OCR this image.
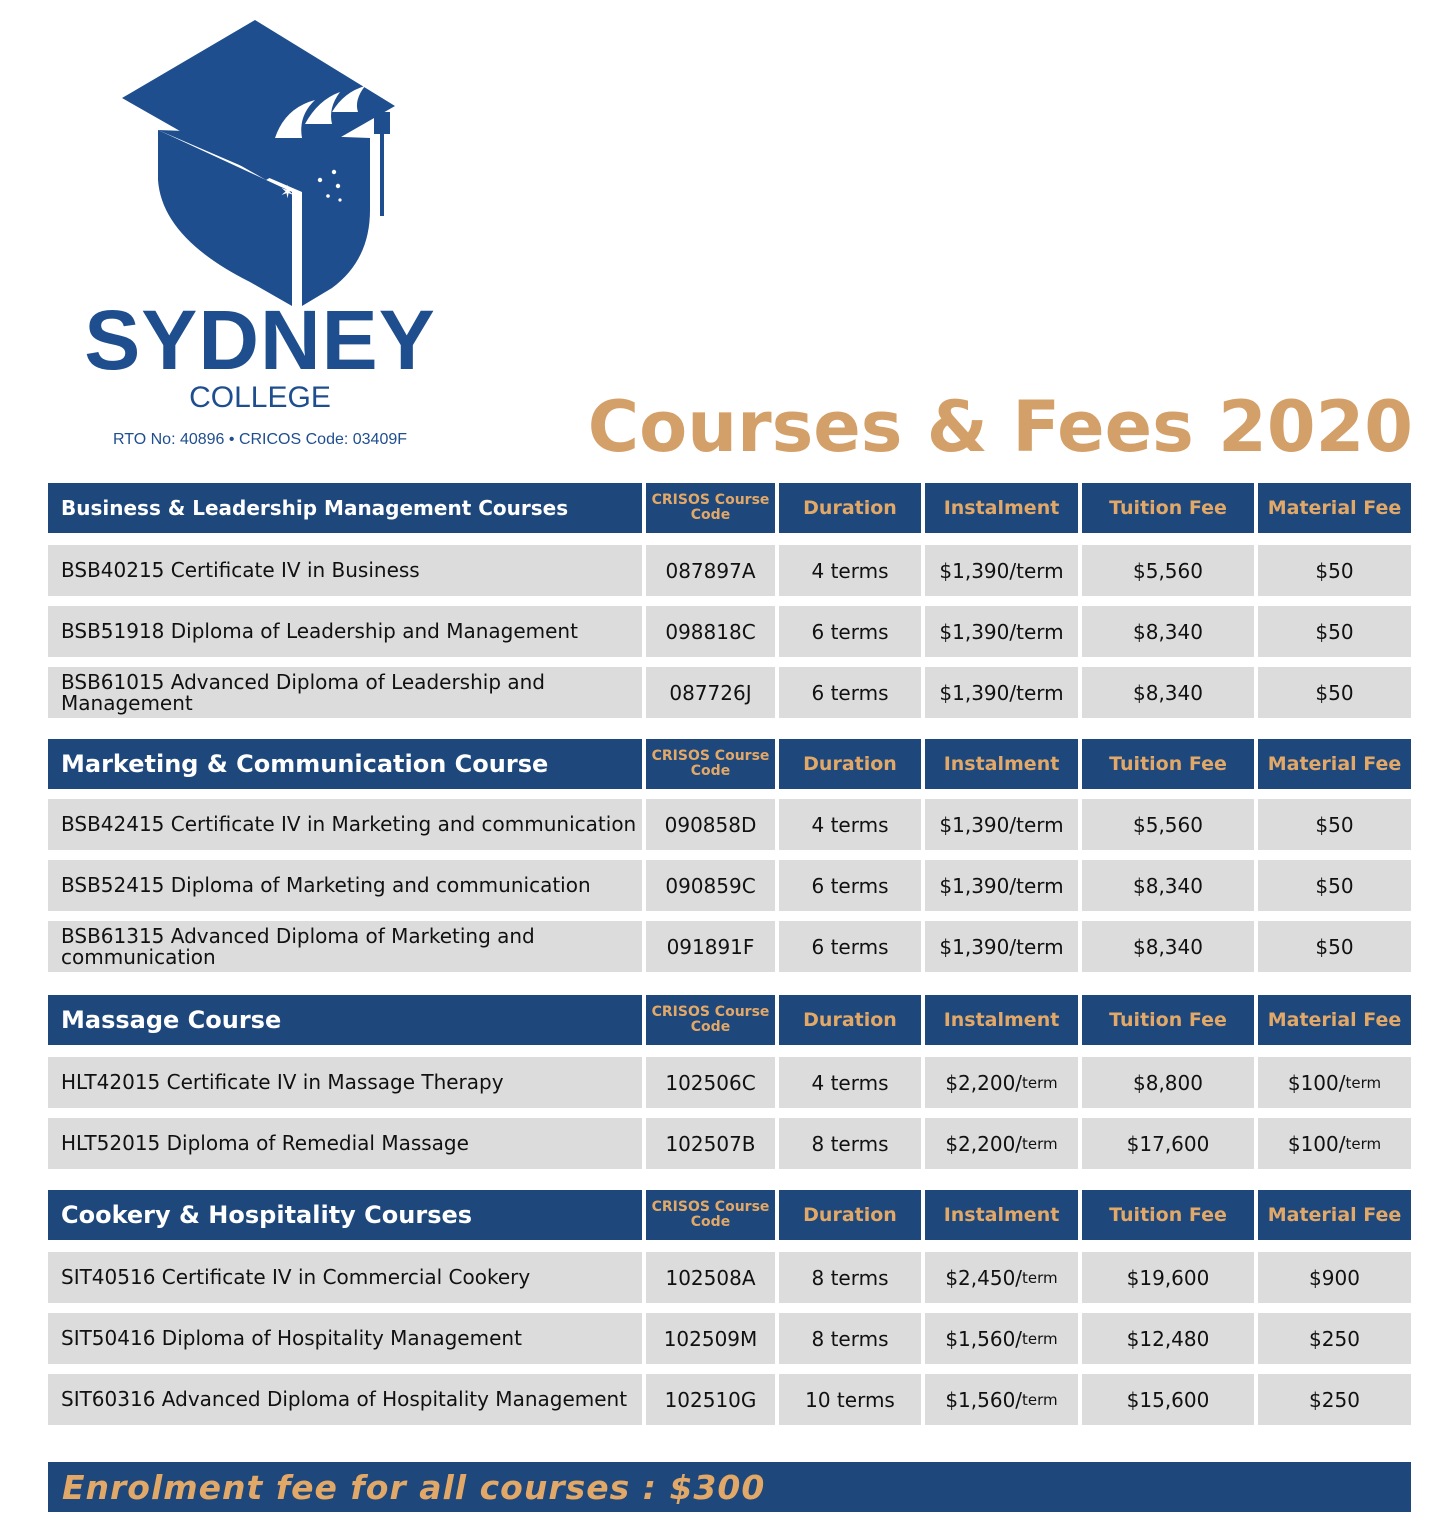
✶
SYDNEY
COLLEGE
RTO No: 40896 • CRICOS Code: 03409F	Courses & Fees 2020
Business & Leadership Management Courses	CRISOS Course Code	Duration	Instalment	Tuition Fee	Material Fee
BSB40215 Certificate IV in Business	087897A	4 terms	$1,390/term	$5,560	$50
BSB51918 Diploma of Leadership and Management	098818C	6 terms	$1,390/term	$8,340	$50
BSB61015 Advanced Diploma of Leadership and Management	087726J	6 terms	$1,390/term	$8,340	$50
Marketing & Communication Course	CRISOS Course Code	Duration	Instalment	Tuition Fee	Material Fee
BSB42415 Certificate IV in Marketing and communication	090858D	4 terms	$1,390/term	$5,560	$50
BSB52415 Diploma of Marketing and communication	090859C	6 terms	$1,390/term	$8,340	$50
BSB61315 Advanced Diploma of Marketing and communication	091891F	6 terms	$1,390/term	$8,340	$50
Massage Course	CRISOS Course Code	Duration	Instalment	Tuition Fee	Material Fee
HLT42015 Certificate IV in Massage Therapy	102506C	4 terms	$2,200/ term	$8,800	$100/ term
HLT52015 Diploma of Remedial Massage	102507B	8 terms	$2,200/ term	$17,600	$100/ term
Cookery & Hospitality Courses	CRISOS Course Code	Duration	Instalment	Tuition Fee	Material Fee
SIT40516 Certificate IV in Commercial Cookery	102508A	8 terms	$2,450/ term	$19,600	$900
SIT50416 Diploma of Hospitality Management	102509M	8 terms	$1,560/ term	$12,480	$250
SIT60316 Advanced Diploma of Hospitality Management	102510G	10 terms	$1,560/ term	$15,600	$250
Enrolment fee for all courses : $300
